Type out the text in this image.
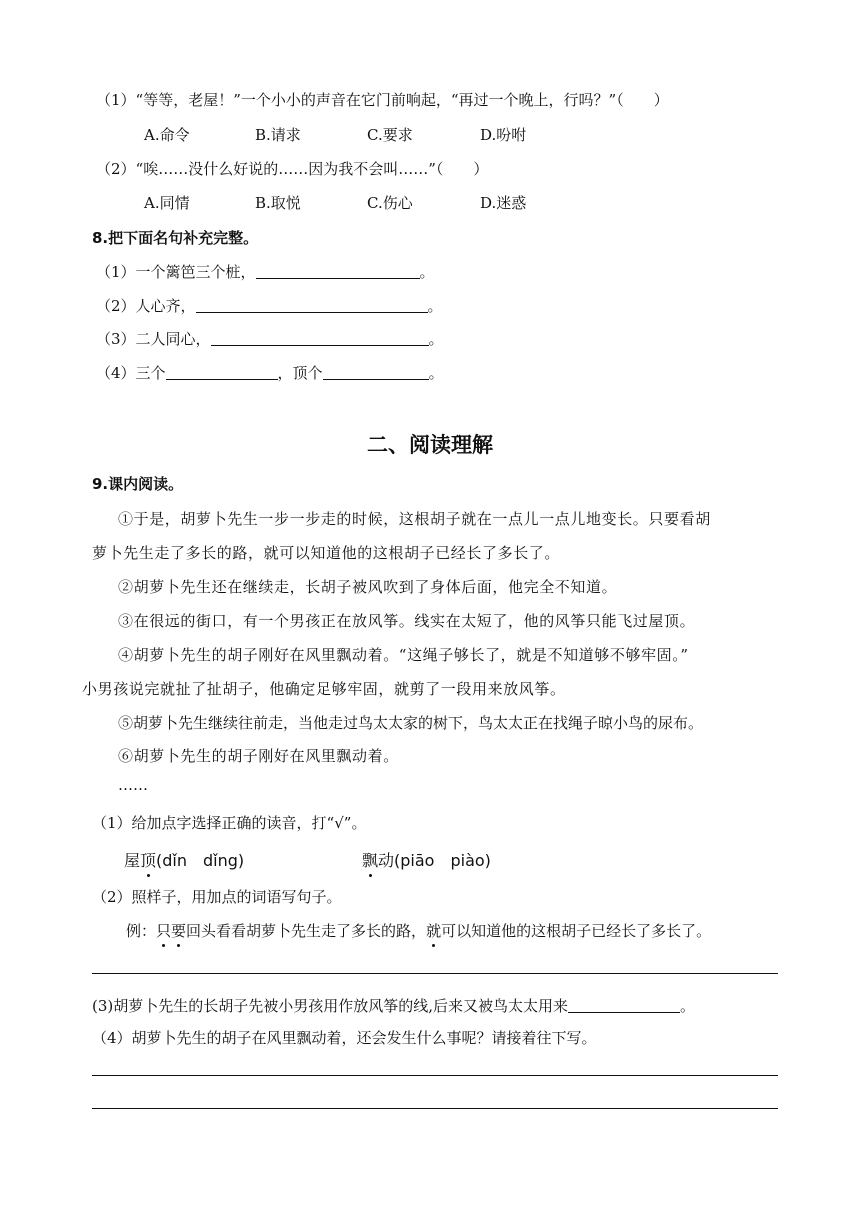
（1）“等等，老屋！”一个小小的声音在它门前响起，“再过一个晚上，行吗？”（　　）
A.命令	B.请求	C.要求	D.吩咐
（2）“唉……没什么好说的……因为我不会叫……”（　　）
A.同情	B.取悦	C.伤心	D.迷惑
8.把下面名句补充完整。
（1）一个篱笆三个桩，	。
（2）人心齐，	。
（3）二人同心，	。
（4）三个	，顶个	。
二、阅读理解
9.课内阅读。
①于是，胡萝卜先生一步一步走的时候，这根胡子就在一点儿一点儿地变长。只要看胡
萝卜先生走了多长的路，就可以知道他的这根胡子已经长了多长了。
②胡萝卜先生还在继续走，长胡子被风吹到了身体后面，他完全不知道。
③在很远的街口，有一个男孩正在放风筝。线实在太短了，他的风筝只能飞过屋顶。
④胡萝卜先生的胡子刚好在风里飘动着。“这绳子够长了，就是不知道够不够牢固。”
小男孩说完就扯了扯胡子，他确定足够牢固，就剪了一段用来放风筝。
⑤胡萝卜先生继续往前走，当他走过鸟太太家的树下，鸟太太正在找绳子晾小鸟的尿布。
⑥胡萝卜先生的胡子刚好在风里飘动着。
……
（1）给加点字选择正确的读音，打“√”。
屋顶(dǐn　dǐng)	飘动(piāo　piào)
（2）照样子，用加点的词语写句子。
例：只要回头看看胡萝卜先生走了多长的路，就可以知道他的这根胡子已经长了多长了。
(3)胡萝卜先生的长胡子先被小男孩用作放风筝的线,后来又被鸟太太用来	。
（4）胡萝卜先生的胡子在风里飘动着，还会发生什么事呢？请接着往下写。
